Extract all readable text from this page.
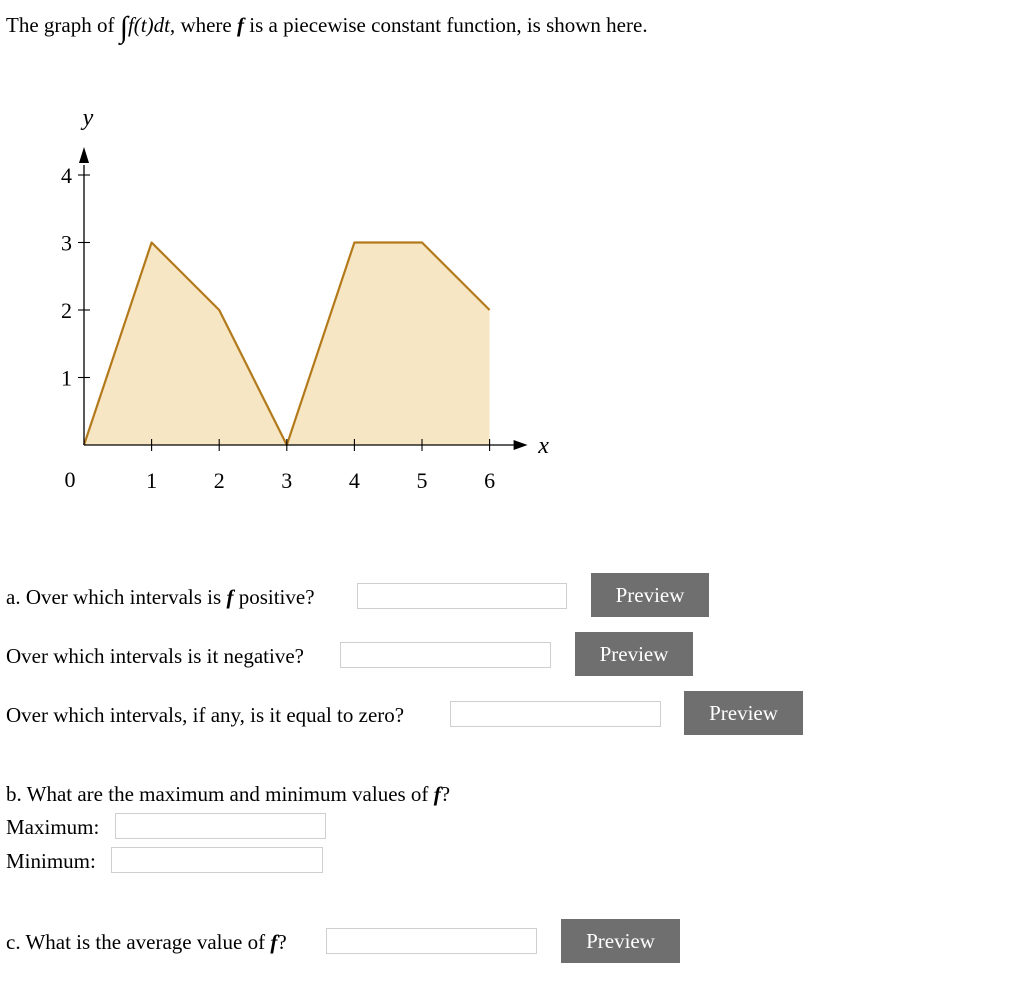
The graph of ∫f(t)dt, where f is a piecewise constant function, is shown here.
1	2	3	4	5	6
1
2
3
4
0
x
y
a. Over which intervals is f positive?	Preview
Over which intervals is it negative?	Preview
Over which intervals, if any, is it equal to zero?	Preview
b. What are the maximum and minimum values of f?
Maximum:
Minimum:
c. What is the average value of f?	Preview
